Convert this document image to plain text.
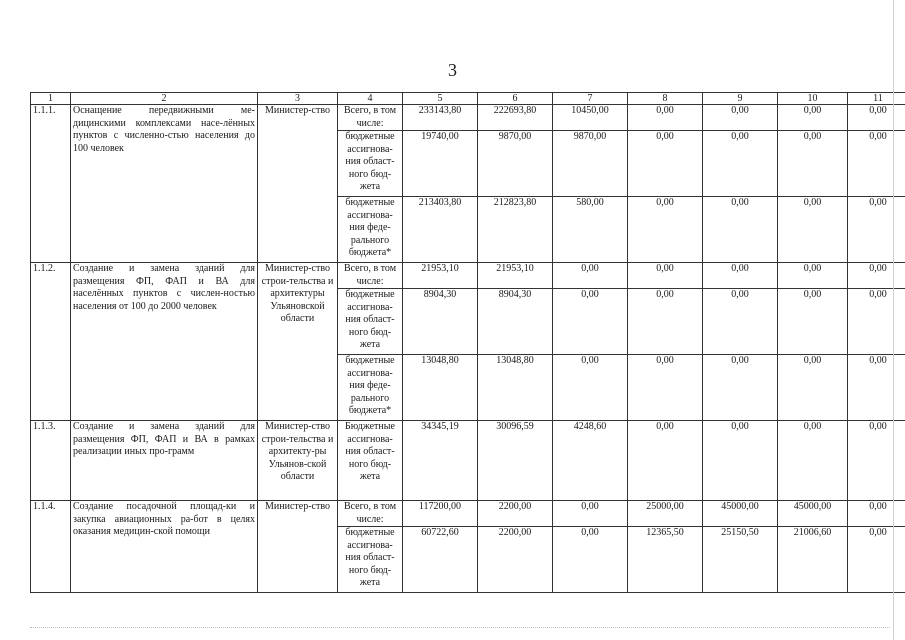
3
1	2	3	4	5	6	7	8	9	10	11
1.1.1.	Оснащение передвижными ме-дицинскими комплексами насе-лённых пунктов с численно-стью населения до 100 человек	Министер-ство	Всего, в том числе:	233143,80	222693,80	10450,00	0,00	0,00	0,00	0,00
			бюджетные ассигнова-ния област-ного бюд-жета	19740,00	9870,00	9870,00	0,00	0,00	0,00	0,00
			бюджетные ассигнова-ния феде-рального бюджета*	213403,80	212823,80	580,00	0,00	0,00	0,00	0,00
1.1.2.	Создание и замена зданий для размещения ФП, ФАП и ВА для населённых пунктов с числен-ностью населения от 100 до 2000 человек	Министер-ство строи-тельства и архитектуры Ульяновской области	Всего, в том числе:	21953,10	21953,10	0,00	0,00	0,00	0,00	0,00
			бюджетные ассигнова-ния област-ного бюд-жета	8904,30	8904,30	0,00	0,00	0,00	0,00	0,00
			бюджетные ассигнова-ния феде-рального бюджета*	13048,80	13048,80	0,00	0,00	0,00	0,00	0,00
1.1.3.	Создание и замена зданий для размещения ФП, ФАП и ВА в рамках реализации иных про-грамм	Министер-ство строи-тельства и архитекту-ры Ульянов-ской области	Бюджетные ассигнова-ния област-ного бюд-жета	34345,19	30096,59	4248,60	0,00	0,00	0,00	0,00
1.1.4.	Создание посадочной площад-ки и закупка авиационных ра-бот в целях оказания медицин-ской помощи	Министер-ство	Всего, в том числе:	117200,00	2200,00	0,00	25000,00	45000,00	45000,00	0,00
			бюджетные ассигнова-ния област-ного бюд-жета	60722,60	2200,00	0,00	12365,50	25150,50	21006,60	0,00
